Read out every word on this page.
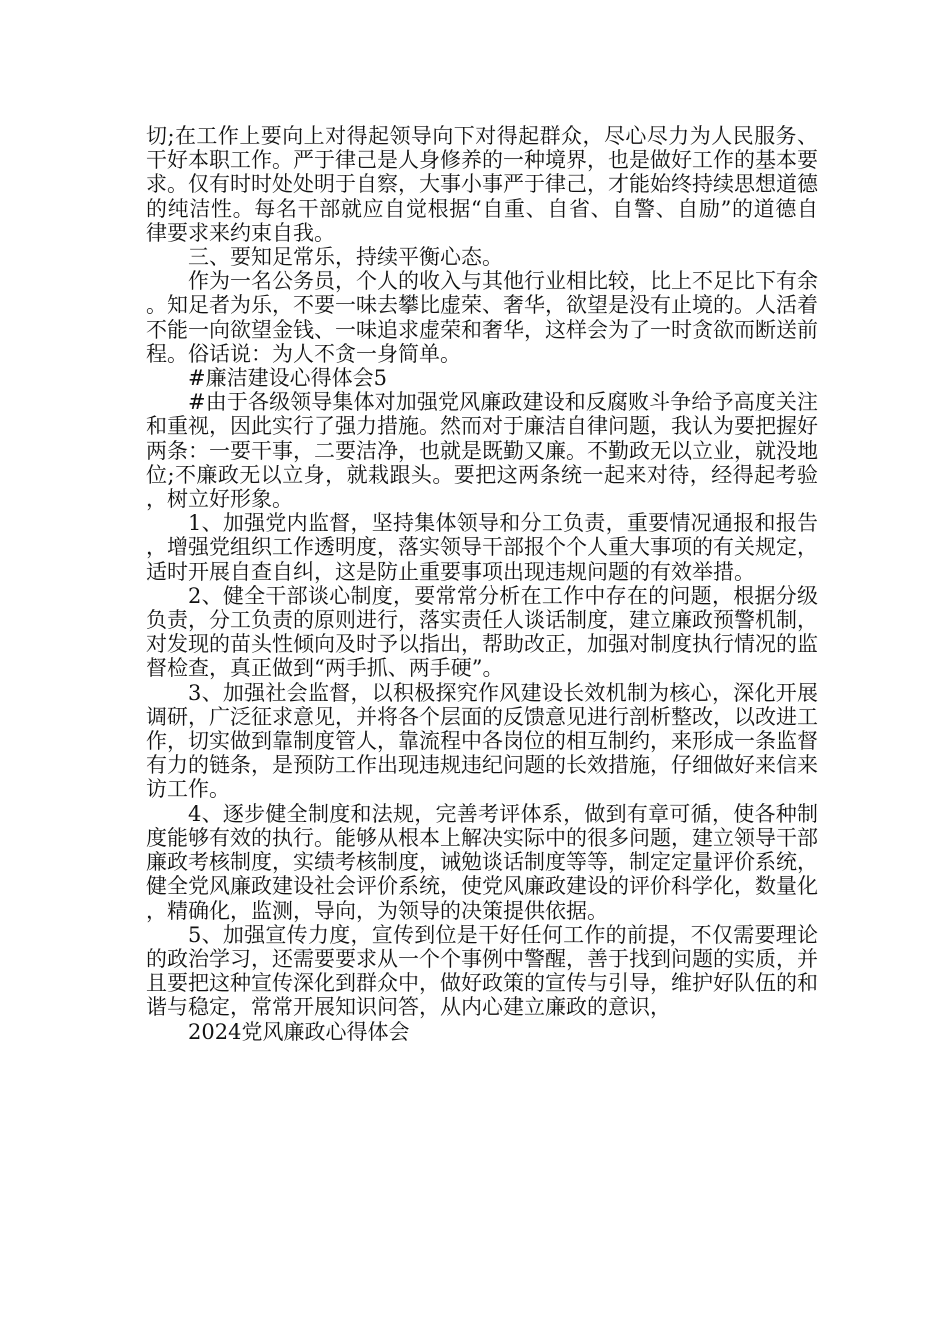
切;在工作上要向上对得起领导向下对得起群众，尽心尽力为人民服务、干好本职工作。严于律己是人身修养的一种境界，也是做好工作的基本要求。仅有时时处处明于自察，大事小事严于律己，才能始终持续思想道德的纯洁性。每名干部就应自觉根据“自重、自省、自警、自励”的道德自律要求来约束自我。

三、要知足常乐，持续平衡心态。

作为一名公务员，个人的收入与其他行业相比较，比上不足比下有余。知足者为乐，不要一味去攀比虚荣、奢华，欲望是没有止境的。人活着不能一向欲望金钱、一味追求虚荣和奢华，这样会为了一时贪欲而断送前程。俗话说：为人不贪一身简单。

#廉洁建设心得体会5

#由于各级领导集体对加强党风廉政建设和反腐败斗争给予高度关注和重视，因此实行了强力措施。然而对于廉洁自律问题，我认为要把握好两条：一要干事，二要洁净，也就是既勤又廉。不勤政无以立业，就没地位;不廉政无以立身，就栽跟头。要把这两条统一起来对待，经得起考验，树立好形象。

1、加强党内监督，坚持集体领导和分工负责，重要情况通报和报告，增强党组织工作透明度，落实领导干部报个个人重大事项的有关规定，适时开展自查自纠，这是防止重要事项出现违规问题的有效举措。

2、健全干部谈心制度，要常常分析在工作中存在的问题，根据分级负责，分工负责的原则进行，落实责任人谈话制度，建立廉政预警机制，对发现的苗头性倾向及时予以指出，帮助改正，加强对制度执行情况的监督检查，真正做到“两手抓、两手硬”。

3、加强社会监督，以积极探究作风建设长效机制为核心，深化开展调研，广泛征求意见，并将各个层面的反馈意见进行剖析整改，以改进工作，切实做到靠制度管人，靠流程中各岗位的相互制约，来形成一条监督有力的链条，是预防工作出现违规违纪问题的长效措施，仔细做好来信来访工作。

4、逐步健全制度和法规，完善考评体系，做到有章可循，使各种制度能够有效的执行。能够从根本上解决实际中的很多问题，建立领导干部廉政考核制度，实绩考核制度，诫勉谈话制度等等，制定定量评价系统，健全党风廉政建设社会评价系统，使党风廉政建设的评价科学化，数量化，精确化，监测，导向，为领导的决策提供依据。

5、加强宣传力度，宣传到位是干好任何工作的前提，不仅需要理论的政治学习，还需要要求从一个个事例中警醒，善于找到问题的实质，并且要把这种宣传深化到群众中，做好政策的宣传与引导，维护好队伍的和谐与稳定，常常开展知识问答，从内心建立廉政的意识，

2024党风廉政心得体会
